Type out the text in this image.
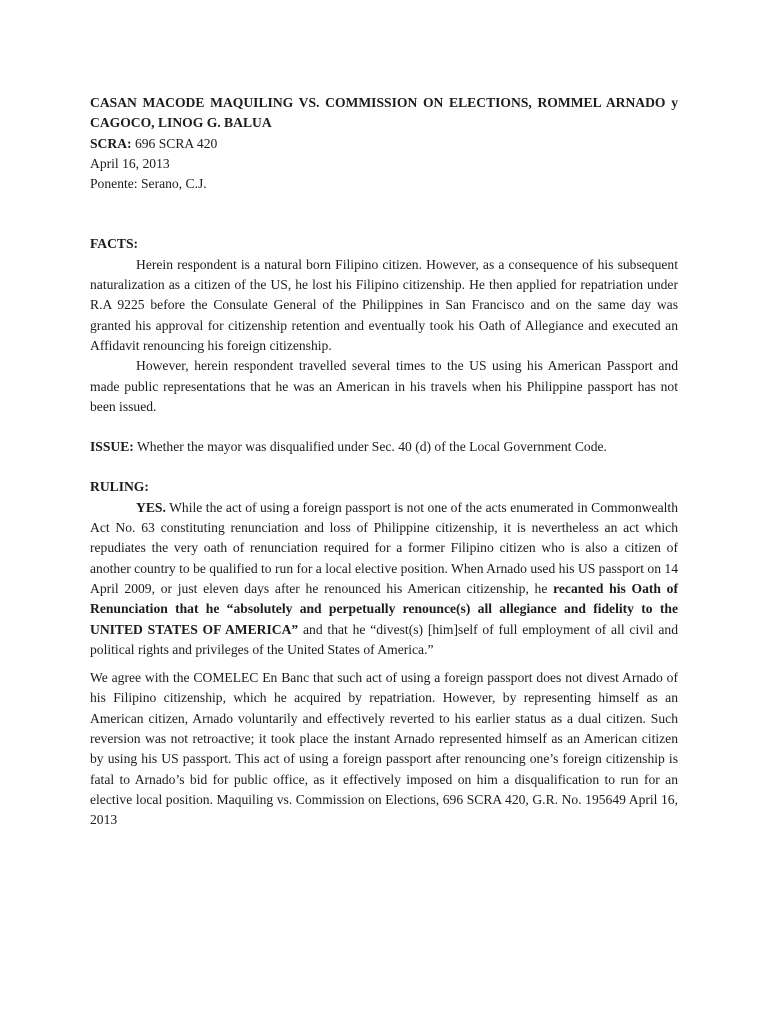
CASAN MACODE MAQUILING VS. COMMISSION ON ELECTIONS, ROMMEL ARNADO y CAGOCO, LINOG G. BALUA

SCRA: 696 SCRA 420

April 16, 2013

Ponente: Serano, C.J.

FACTS:

Herein respondent is a natural born Filipino citizen. However, as a consequence of his subsequent naturalization as a citizen of the US, he lost his Filipino citizenship. He then applied for repatriation under R.A 9225 before the Consulate General of the Philippines in San Francisco and on the same day was granted his approval for citizenship retention and eventually took his Oath of Allegiance and executed an Affidavit renouncing his foreign citizenship.

However, herein respondent travelled several times to the US using his American Passport and made public representations that he was an American in his travels when his Philippine passport has not been issued.

ISSUE: Whether the mayor was disqualified under Sec. 40 (d) of the Local Government Code.

RULING:

YES. While the act of using a foreign passport is not one of the acts enumerated in Commonwealth Act No. 63 constituting renunciation and loss of Philippine citizenship, it is nevertheless an act which repudiates the very oath of renunciation required for a former Filipino citizen who is also a citizen of another country to be qualified to run for a local elective position. When Arnado used his US passport on 14 April 2009, or just eleven days after he renounced his American citizenship, he recanted his Oath of Renunciation that he “absolutely and perpetually renounce(s) all allegiance and fidelity to the UNITED STATES OF AMERICA” and that he “divest(s) [him]self of full employment of all civil and political rights and privileges of the United States of America.”

We agree with the COMELEC En Banc that such act of using a foreign passport does not divest Arnado of his Filipino citizenship, which he acquired by repatriation. However, by representing himself as an American citizen, Arnado voluntarily and effectively reverted to his earlier status as a dual citizen. Such reversion was not retroactive; it took place the instant Arnado represented himself as an American citizen by using his US passport. This act of using a foreign passport after renouncing one’s foreign citizenship is fatal to Arnado’s bid for public office, as it effectively imposed on him a disqualification to run for an elective local position. Maquiling vs. Commission on Elections, 696 SCRA 420, G.R. No. 195649 April 16, 2013
